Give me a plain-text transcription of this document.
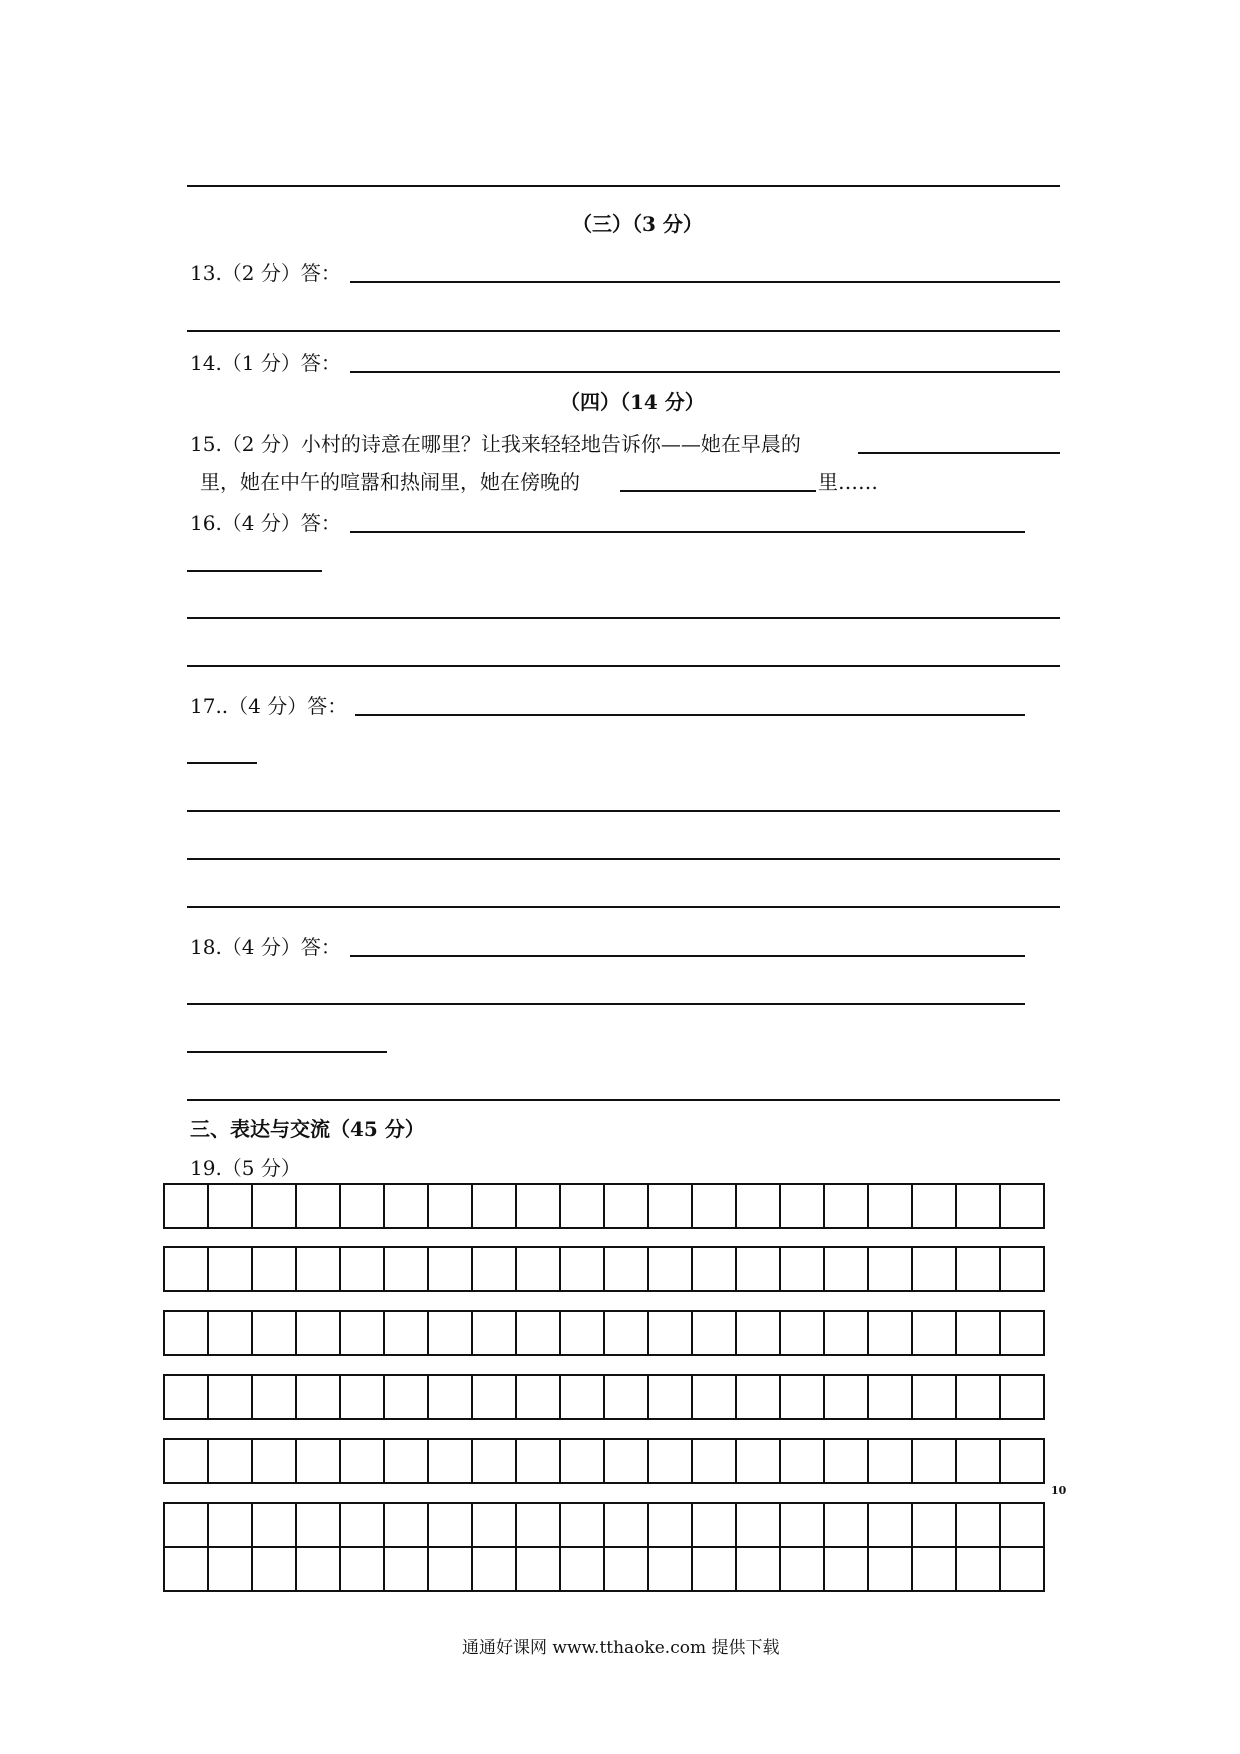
（三）（3 分）
13.（2 分）答：
14.（1 分）答：
（四）（14 分）
15.（2 分）小村的诗意在哪里？让我来轻轻地告诉你——她在早晨的
里，她在中午的喧嚣和热闹里，她在傍晚的	里……
16.（4 分）答：
17..（4 分）答：
18.（4 分）答：
三、表达与交流（45 分）
19.（5 分）

10
通通好课网 www.tthaoke.com 提供下载
